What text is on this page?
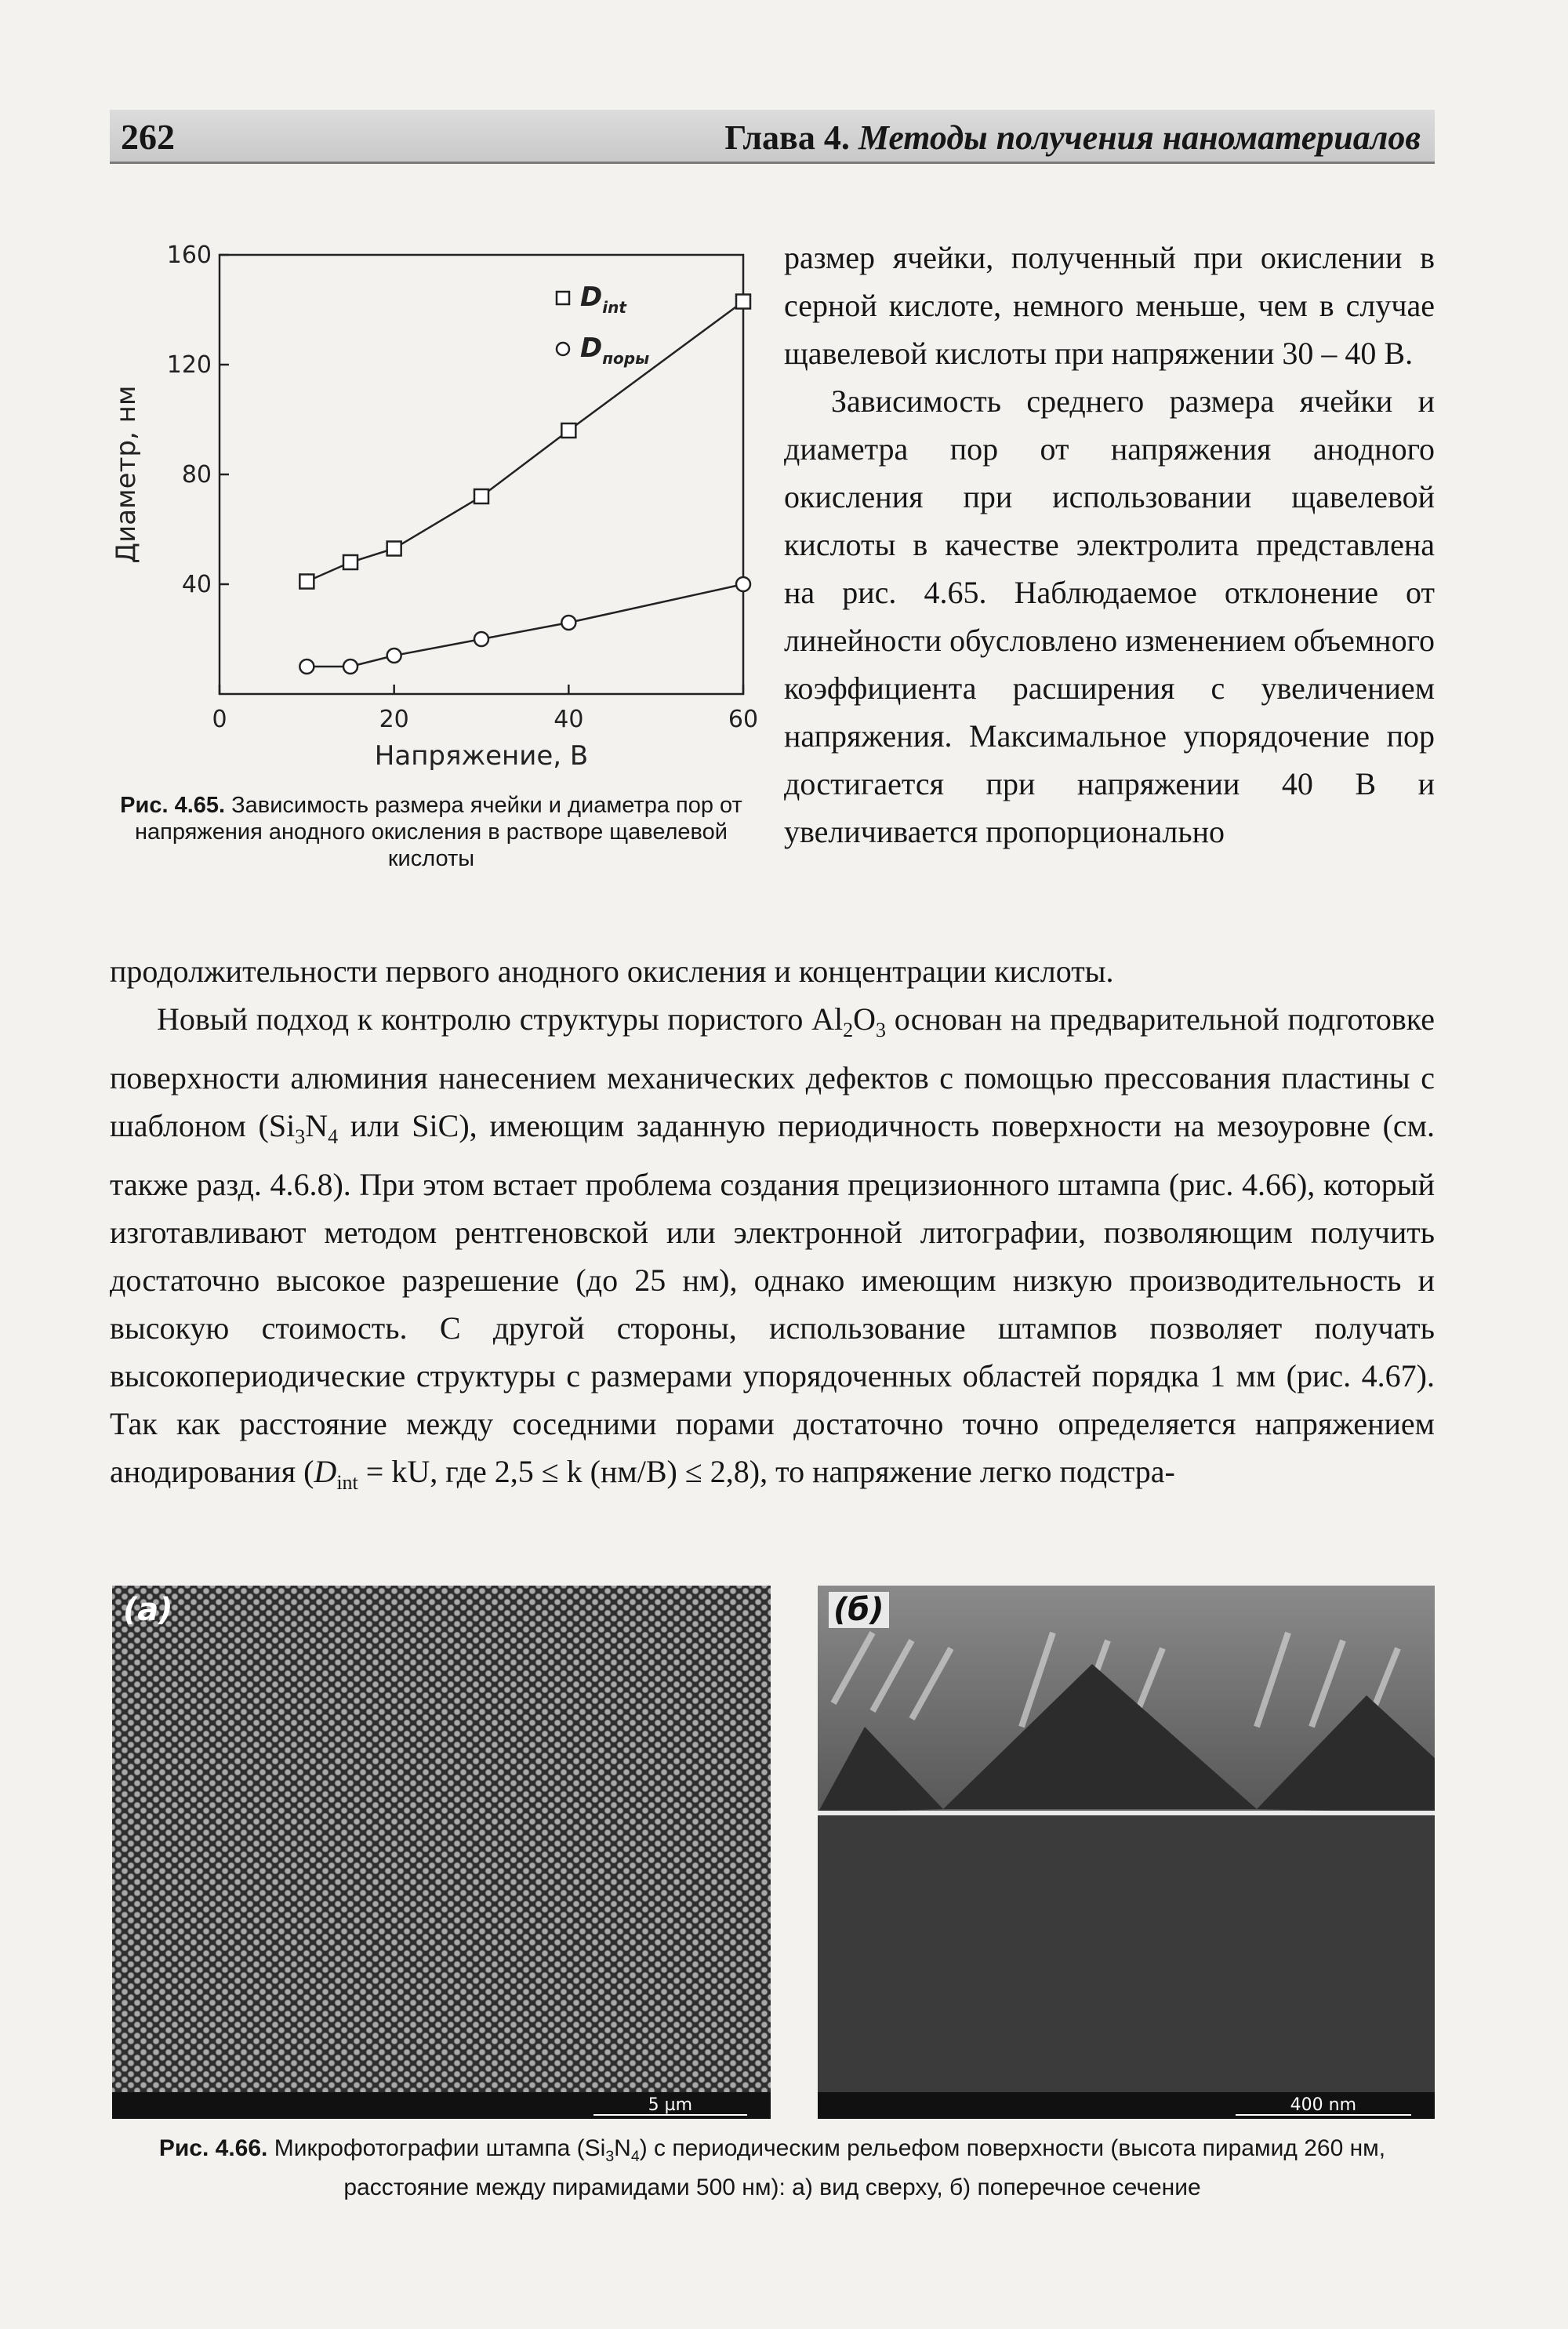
262	Глава 4. Методы получения наноматериалов
40
80
120
160
0	20	40	60
Напряжение, В
Диаметр, нм
$D_{int}$
$D_{поры}$
Рис. 4.65. Зависимость размера ячейки и диаметра пор от напряжения анодного окисления в растворе щавелевой кислоты

размер ячейки, полученный при окислении в серной кислоте, немного меньше, чем в случае щавелевой кислоты при напряжении 30 – 40 В.

Зависимость среднего размера ячейки и диаметра пор от напряжения анодного окисления при использовании щавелевой кислоты в качестве электролита представлена на рис. 4.65. Наблюдаемое отклонение от линейности обусловлено изменением объемного коэффициента расширения с увеличением напряжения. Максимальное упорядочение пор достигается при напряжении 40 В и увеличивается пропорционально

продолжительности первого анодного окисления и концентрации кислоты.

Новый подход к контролю структуры пористого $Al_2O_3$ основан на предварительной подготовке поверхности алюминия нанесением механических дефектов с помощью прессования пластины с шаблоном ($Si_3N_4$ или SiC), имеющим заданную периодичность поверхности на мезоуровне (см. также разд. 4.6.8). При этом встает проблема создания прецизионного штампа (рис. 4.66), который изготавливают методом рентгеновской или электронной литографии, позволяющим получить достаточно высокое разрешение (до 25 нм), однако имеющим низкую производительность и высокую стоимость. С другой стороны, использование штампов позволяет получать высокопериодические структуры с размерами упорядоченных областей порядка 1 мм (рис. 4.67). Так как расстояние между соседними порами достаточно точно определяется напряжением анодирования ($D_{int}$ = kU, где 2,5 ≤ k (нм/В) ≤ 2,8), то напряжение легко подстра-

(а)
5 µm
(б)
400 nm
Рис. 4.66. Микрофотографии штампа $(Si_3N_4)$ с периодическим рельефом поверхности (высота пирамид 260 нм, расстояние между пирамидами 500 нм): а) вид сверху, б) поперечное сечение
